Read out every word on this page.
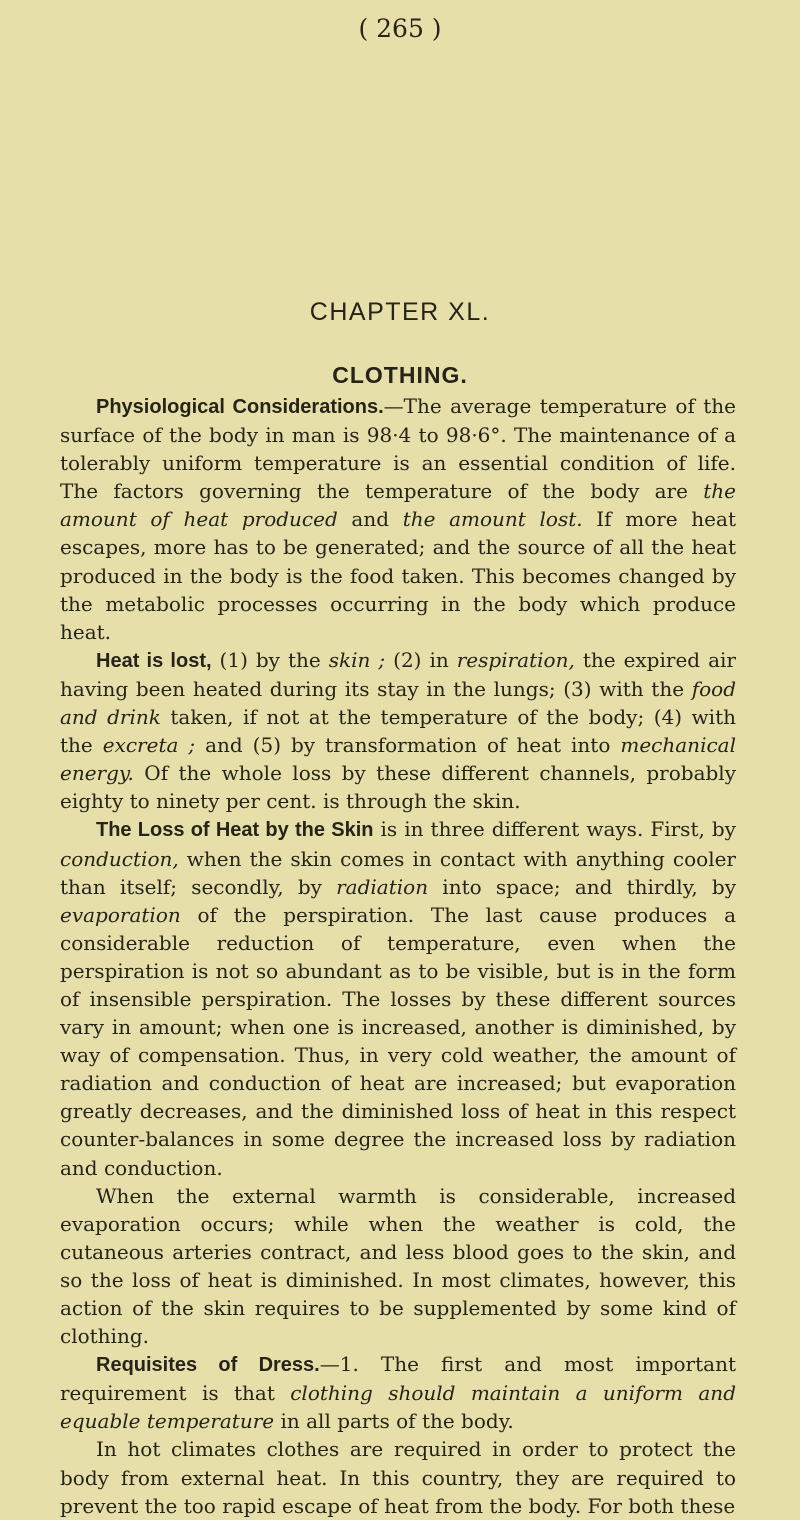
( 265 )
CHAPTER XL.
CLOTHING.

Physiological Considerations.—The average temperature of the surface of the body in man is 98·4 to 98·6°. The maintenance of a tolerably uniform temperature is an essential condition of life. The factors governing the temperature of the body are the amount of heat produced and the amount lost. If more heat escapes, more has to be generated; and the source of all the heat produced in the body is the food taken. This becomes changed by the metabolic processes occurring in the body which produce heat.

Heat is lost, (1) by the skin ; (2) in respiration, the expired air having been heated during its stay in the lungs; (3) with the food and drink taken, if not at the temperature of the body; (4) with the excreta ; and (5) by transformation of heat into mechanical energy. Of the whole loss by these different channels, probably eighty to ninety per cent. is through the skin.

The Loss of Heat by the Skin is in three different ways. First, by conduction, when the skin comes in contact with anything cooler than itself; secondly, by radiation into space; and thirdly, by evaporation of the perspiration. The last cause produces a considerable reduction of temperature, even when the perspiration is not so abundant as to be visible, but is in the form of insensible perspiration. The losses by these different sources vary in amount; when one is increased, another is diminished, by way of compensation. Thus, in very cold weather, the amount of radiation and conduction of heat are increased; but evaporation greatly decreases, and the diminished loss of heat in this respect counter-balances in some degree the increased loss by radiation and conduction.

When the external warmth is considerable, increased evaporation occurs; while when the weather is cold, the cutaneous arteries contract, and less blood goes to the skin, and so the loss of heat is diminished. In most climates, however, this action of the skin requires to be supplemented by some kind of clothing.

Requisites of Dress.—1. The first and most important requirement is that clothing should maintain a uniform and equable temperature in all parts of the body.

In hot climates clothes are required in order to protect the body from external heat. In this country, they are required to prevent the too rapid escape of heat from the body. For both these
